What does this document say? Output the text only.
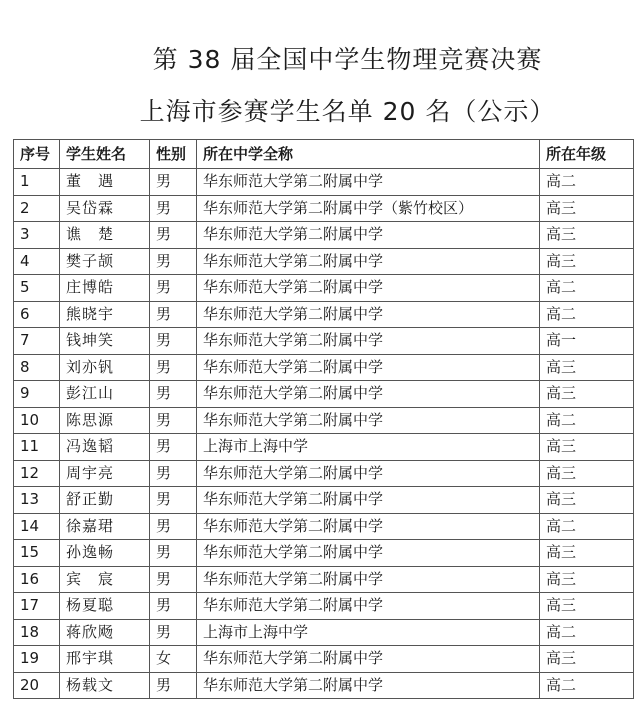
第 38 届全国中学生物理竞赛决赛
上海市参赛学生名单 20 名（公示）
序号	学生姓名	性别	所在中学全称	所在年级
1	董　遇	男	华东师范大学第二附属中学	高二
2	吴岱霖	男	华东师范大学第二附属中学（紫竹校区）	高三
3	谯　楚	男	华东师范大学第二附属中学	高三
4	樊子颉	男	华东师范大学第二附属中学	高三
5	庄博皓	男	华东师范大学第二附属中学	高二
6	熊晓宇	男	华东师范大学第二附属中学	高二
7	钱坤笑	男	华东师范大学第二附属中学	高一
8	刘亦钒	男	华东师范大学第二附属中学	高三
9	彭江山	男	华东师范大学第二附属中学	高三
10	陈思源	男	华东师范大学第二附属中学	高二
11	冯逸韬	男	上海市上海中学	高三
12	周宇亮	男	华东师范大学第二附属中学	高三
13	舒正勤	男	华东师范大学第二附属中学	高三
14	徐嘉珺	男	华东师范大学第二附属中学	高二
15	孙逸畅	男	华东师范大学第二附属中学	高三
16	宾　宸	男	华东师范大学第二附属中学	高三
17	杨夏聪	男	华东师范大学第二附属中学	高三
18	蒋欣飏	男	上海市上海中学	高二
19	邢宇琪	女	华东师范大学第二附属中学	高三
20	杨载文	男	华东师范大学第二附属中学	高二
